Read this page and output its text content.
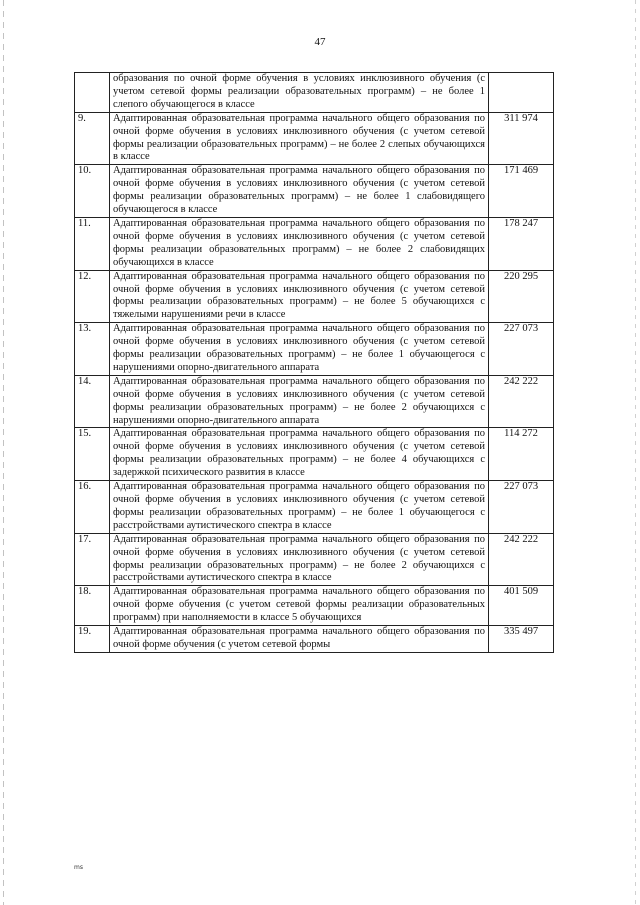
47
	образования по очной форме обучения в условиях инклюзивного обучения (с учетом сетевой формы реализации образовательных программ) – не более 1 слепого обучающегося в классе	
9.	Адаптированная образовательная программа начального общего образования по очной форме обучения в условиях инклюзивного обучения (с учетом сетевой формы реализации образовательных программ) – не более 2 слепых обучающихся в классе	311 974
10.	Адаптированная образовательная программа начального общего образования по очной форме обучения в условиях инклюзивного обучения (с учетом сетевой формы реализации образовательных программ) – не более 1 слабовидящего обучающегося в классе	171 469
11.	Адаптированная образовательная программа начального общего образования по очной форме обучения в условиях инклюзивного обучения (с учетом сетевой формы реализации образовательных программ) – не более 2 слабовидящих обучающихся в классе	178 247
12.	Адаптированная образовательная программа начального общего образования по очной форме обучения в условиях инклюзивного обучения (с учетом сетевой формы реализации образовательных программ) – не более 5 обучающихся с тяжелыми нарушениями речи в классе	220 295
13.	Адаптированная образовательная программа начального общего образования по очной форме обучения в условиях инклюзивного обучения (с учетом сетевой формы реализации образовательных программ) – не более 1 обучающегося с нарушениями опорно-двигательного аппарата	227 073
14.	Адаптированная образовательная программа начального общего образования по очной форме обучения в условиях инклюзивного обучения (с учетом сетевой формы реализации образовательных программ) – не более 2 обучающихся с нарушениями опорно-двигательного аппарата	242 222
15.	Адаптированная образовательная программа начального общего образования по очной форме обучения в условиях инклюзивного обучения (с учетом сетевой формы реализации образовательных программ) – не более 4 обучающихся с задержкой психического развития в классе	114 272
16.	Адаптированная образовательная программа начального общего образования по очной форме обучения в условиях инклюзивного обучения (с учетом сетевой формы реализации образовательных программ) – не более 1 обучающегося с расстройствами аутистического спектра в классе	227 073
17.	Адаптированная образовательная программа начального общего образования по очной форме обучения в условиях инклюзивного обучения (с учетом сетевой формы реализации образовательных программ) – не более 2 обучающихся с расстройствами аутистического спектра в классе	242 222
18.	Адаптированная образовательная программа начального общего образования по очной форме обучения (с учетом сетевой формы реализации образовательных программ) при наполняемости в классе 5 обучающихся	401 509
19.	Адаптированная образовательная программа начального общего образования по очной форме обучения (с учетом сетевой формы	335 497
ms
